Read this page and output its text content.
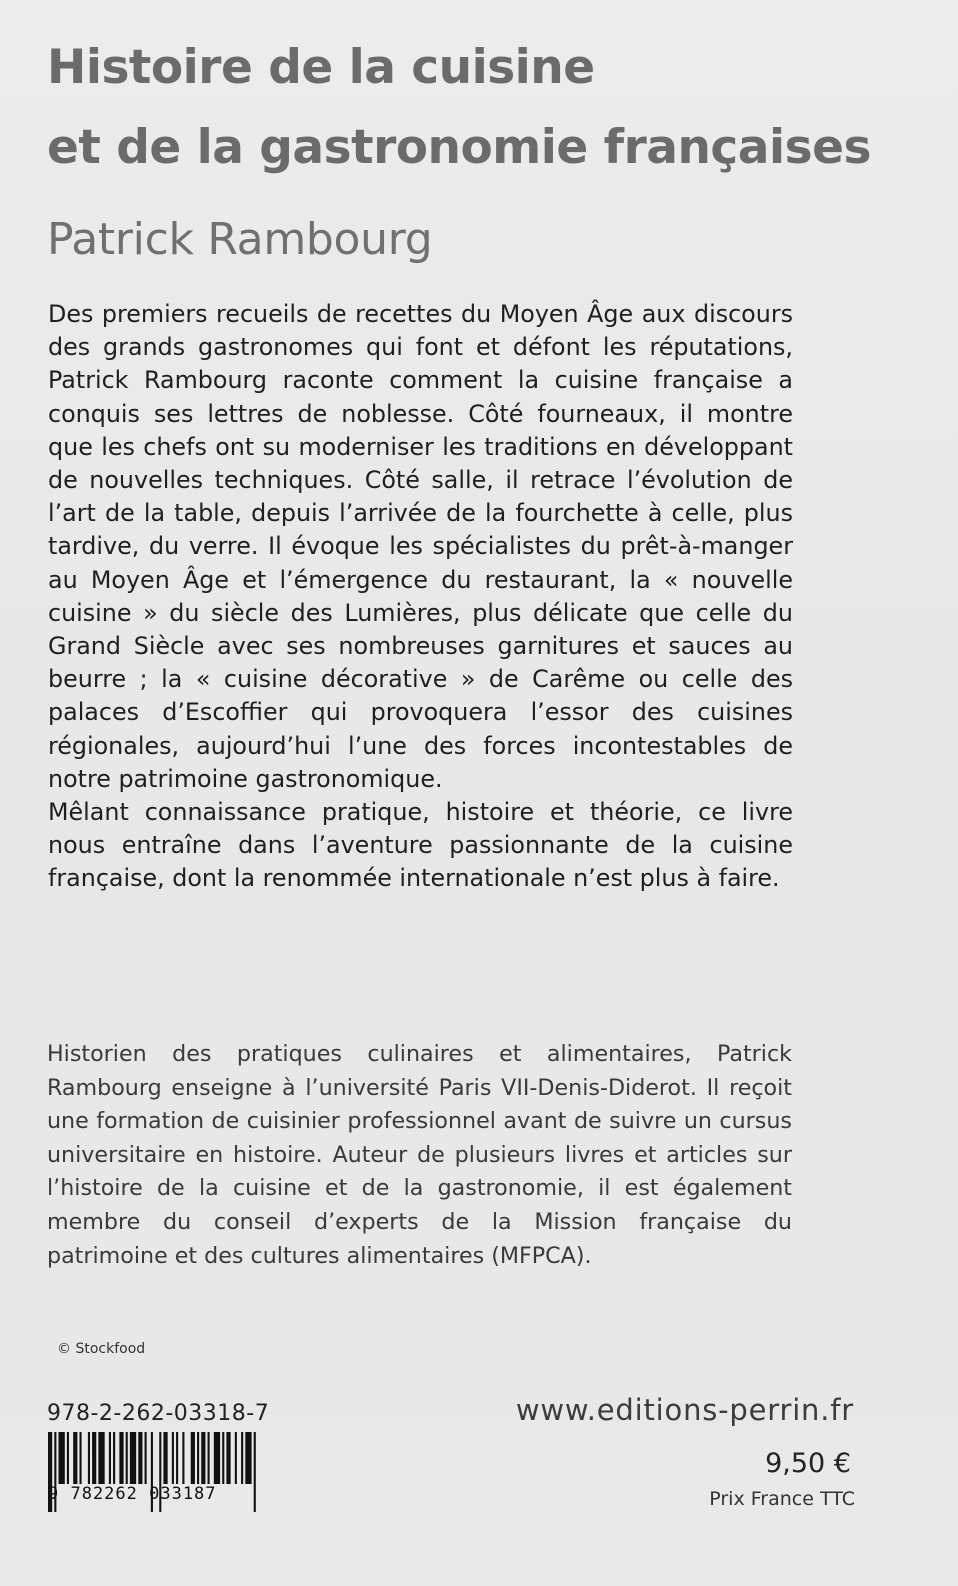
Histoire de la cuisine
et de la gastronomie françaises
Patrick Rambourg

Des premiers recueils de recettes du Moyen Âge aux discours des grands gastronomes qui font et défont les réputations, Patrick Rambourg raconte comment la cuisine française a conquis ses lettres de noblesse. Côté fourneaux, il montre que les chefs ont su moderniser les traditions en développant de nouvelles techniques. Côté salle, il retrace l’évolution de l’art de la table, depuis l’arrivée de la fourchette à celle, plus tardive, du verre. Il évoque les spécialistes du prêt-à-manger au Moyen Âge et l’émergence du restaurant, la « nouvelle cuisine » du siècle des Lumières, plus délicate que celle du Grand Siècle avec ses nombreuses garnitures et sauces au beurre ; la « cuisine décorative » de Carême ou celle des palaces d’Escoffier qui provoquera l’essor des cuisines régionales, aujourd’hui l’une des forces incontestables de notre patrimoine gastronomique.

Mêlant connaissance pratique, histoire et théorie, ce livre nous entraîne dans l’aventure passionnante de la cuisine française, dont la renommée internationale n’est plus à faire.

Historien des pratiques culinaires et alimentaires, Patrick Rambourg enseigne à l’université Paris VII-Denis-Diderot. Il reçoit une formation de cuisinier professionnel avant de suivre un cursus universitaire en histoire. Auteur de plusieurs livres et articles sur l’histoire de la cuisine et de la gastronomie, il est également membre du conseil d’experts de la Mission française du patrimoine et des cultures alimentaires (MFPCA).
© Stockfood
978-2-262-03318-7
9 782262 033187
www.editions-perrin.fr
9,50 €
Prix France TTC
